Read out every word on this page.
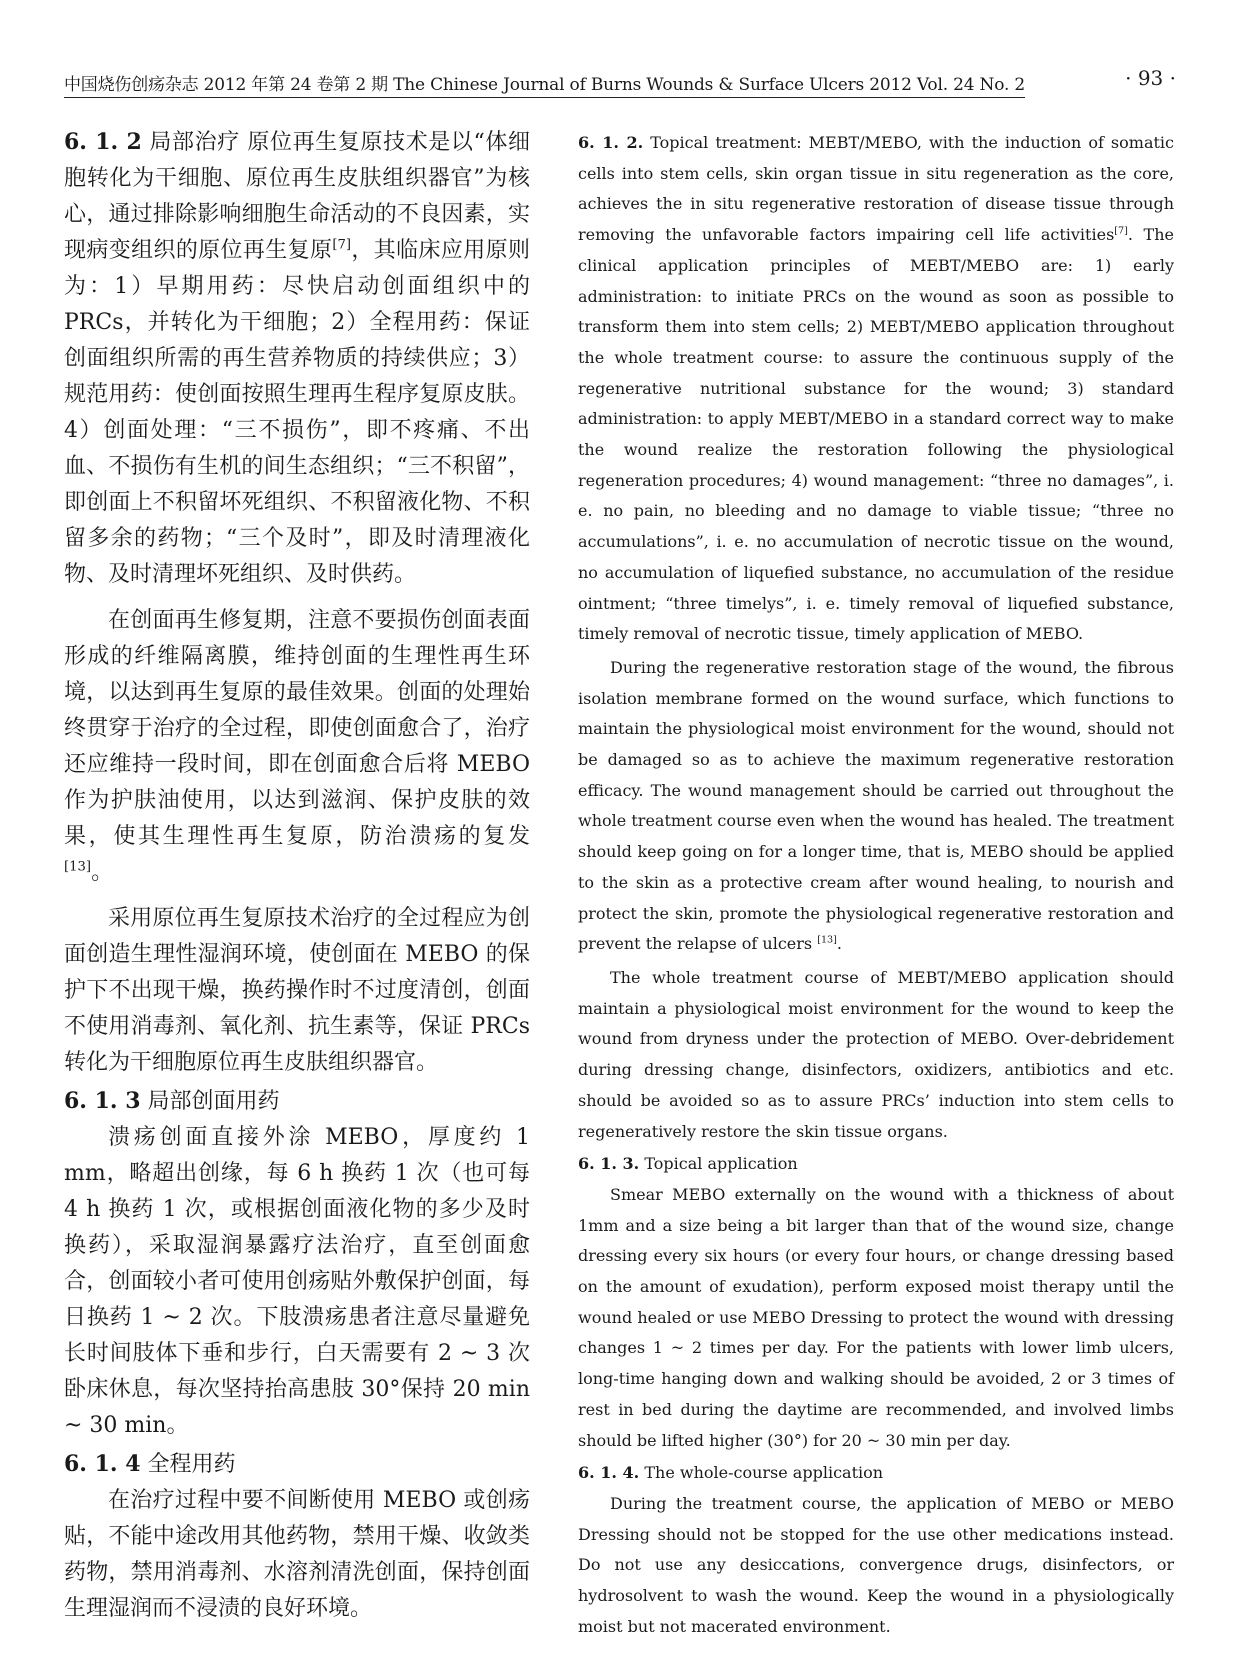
中国烧伤创疡杂志 2012 年第 24 卷第 2 期 The Chinese Journal of Burns Wounds & Surface Ulcers 2012 Vol. 24 No. 2	· 93 ·

6. 1. 2 局部治疗 原位再生复原技术是以“体细胞转化为干细胞、原位再生皮肤组织器官”为核心，通过排除影响细胞生命活动的不良因素，实现病变组织的原位再生复原[7]，其临床应用原则为：1）早期用药：尽快启动创面组织中的 PRCs，并转化为干细胞；2）全程用药：保证创面组织所需的再生营养物质的持续供应；3）规范用药：使创面按照生理再生程序复原皮肤。4）创面处理：“三不损伤”，即不疼痛、不出血、不损伤有生机的间生态组织；“三不积留”，即创面上不积留坏死组织、不积留液化物、不积留多余的药物；“三个及时”，即及时清理液化物、及时清理坏死组织、及时供药。

在创面再生修复期，注意不要损伤创面表面形成的纤维隔离膜，维持创面的生理性再生环境，以达到再生复原的最佳效果。创面的处理始终贯穿于治疗的全过程，即使创面愈合了，治疗还应维持一段时间，即在创面愈合后将 MEBO 作为护肤油使用，以达到滋润、保护皮肤的效果，使其生理性再生复原，防治溃疡的复发[13]。

采用原位再生复原技术治疗的全过程应为创面创造生理性湿润环境，使创面在 MEBO 的保护下不出现干燥，换药操作时不过度清创，创面不使用消毒剂、氧化剂、抗生素等，保证 PRCs 转化为干细胞原位再生皮肤组织器官。

6. 1. 3 局部创面用药

溃疡创面直接外涂 MEBO，厚度约 1 mm，略超出创缘，每 6 h 换药 1 次（也可每 4 h 换药 1 次，或根据创面液化物的多少及时换药），采取湿润暴露疗法治疗，直至创面愈合，创面较小者可使用创疡贴外敷保护创面，每日换药 1 ~ 2 次。下肢溃疡患者注意尽量避免长时间肢体下垂和步行，白天需要有 2 ~ 3 次卧床休息，每次坚持抬高患肢 30°保持 20 min ~ 30 min。

6. 1. 4 全程用药

在治疗过程中要不间断使用 MEBO 或创疡贴，不能中途改用其他药物，禁用干燥、收敛类药物，禁用消毒剂、水溶剂清洗创面，保持创面生理湿润而不浸渍的良好环境。

6. 1. 2. Topical treatment: MEBT/MEBO, with the induction of somatic cells into stem cells, skin organ tissue in situ regeneration as the core, achieves the in situ regenerative restoration of disease tissue through removing the unfavorable factors impairing cell life activities[7]. The clinical application principles of MEBT/MEBO are: 1) early administration: to initiate PRCs on the wound as soon as possible to transform them into stem cells; 2) MEBT/MEBO application throughout the whole treatment course: to assure the continuous supply of the regenerative nutritional substance for the wound; 3) standard administration: to apply MEBT/MEBO in a standard correct way to make the wound realize the restoration following the physiological regeneration procedures; 4) wound management: “three no damages”, i. e. no pain, no bleeding and no damage to viable tissue; “three no accumulations”, i. e. no accumulation of necrotic tissue on the wound, no accumulation of liquefied substance, no accumulation of the residue ointment; “three timelys”, i. e. timely removal of liquefied substance, timely removal of necrotic tissue, timely application of MEBO.

During the regenerative restoration stage of the wound, the fibrous isolation membrane formed on the wound surface, which functions to maintain the physiological moist environment for the wound, should not be damaged so as to achieve the maximum regenerative restoration efficacy. The wound management should be carried out throughout the whole treatment course even when the wound has healed. The treatment should keep going on for a longer time, that is, MEBO should be applied to the skin as a protective cream after wound healing, to nourish and protect the skin, promote the physiological regenerative restoration and prevent the relapse of ulcers [13].

The whole treatment course of MEBT/MEBO application should maintain a physiological moist environment for the wound to keep the wound from dryness under the protection of MEBO. Over-debridement during dressing change, disinfectors, oxidizers, antibiotics and etc. should be avoided so as to assure PRCs’ induction into stem cells to regeneratively restore the skin tissue organs.

6. 1. 3. Topical application

Smear MEBO externally on the wound with a thickness of about 1mm and a size being a bit larger than that of the wound size, change dressing every six hours (or every four hours, or change dressing based on the amount of exudation), perform exposed moist therapy until the wound healed or use MEBO Dressing to protect the wound with dressing changes 1 ~ 2 times per day. For the patients with lower limb ulcers, long-time hanging down and walking should be avoided, 2 or 3 times of rest in bed during the daytime are recommended, and involved limbs should be lifted higher (30°) for 20 ~ 30 min per day.

6. 1. 4. The whole-course application

During the treatment course, the application of MEBO or MEBO Dressing should not be stopped for the use other medications instead. Do not use any desiccations, convergence drugs, disinfectors, or hydrosolvent to wash the wound. Keep the wound in a physiologically moist but not macerated environment.
